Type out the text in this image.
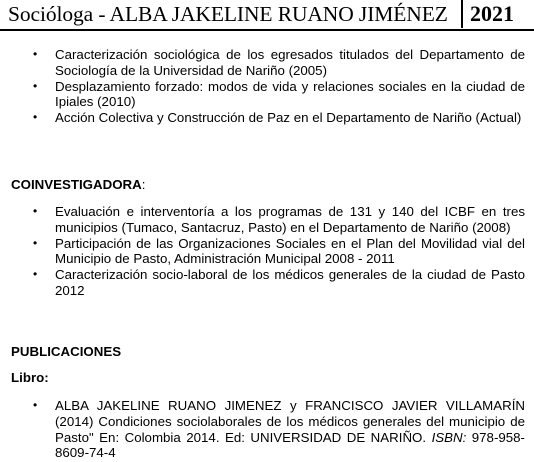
Socióloga - ALBA JAKELINE RUANO JIMÉNEZ 2021
• Caracterización sociológica de los egresados titulados del Departamento de Sociología de la Universidad de Nariño (2005)
• Desplazamiento forzado: modos de vida y relaciones sociales en la ciudad de Ipiales (2010)
• Acción Colectiva y Construcción de Paz en el Departamento de Nariño (Actual)
COINVESTIGADORA:
• Evaluación e interventoría a los programas de 131 y 140 del ICBF en tres municipios (Tumaco, Santacruz, Pasto) en el Departamento de Nariño (2008)
• Participación de las Organizaciones Sociales en el Plan del Movilidad vial del Municipio de Pasto, Administración Municipal 2008 - 2011
• Caracterización socio-laboral de los médicos generales de la ciudad de Pasto 2012
PUBLICACIONES
Libro:
• ALBA JAKELINE RUANO JIMENEZ y FRANCISCO JAVIER VILLAMARÍN (2014) Condiciones sociolaborales de los médicos generales del municipio de Pasto" En: Colombia 2014. Ed: UNIVERSIDAD DE NARIÑO. ISBN: 978-958-8609-74-4
